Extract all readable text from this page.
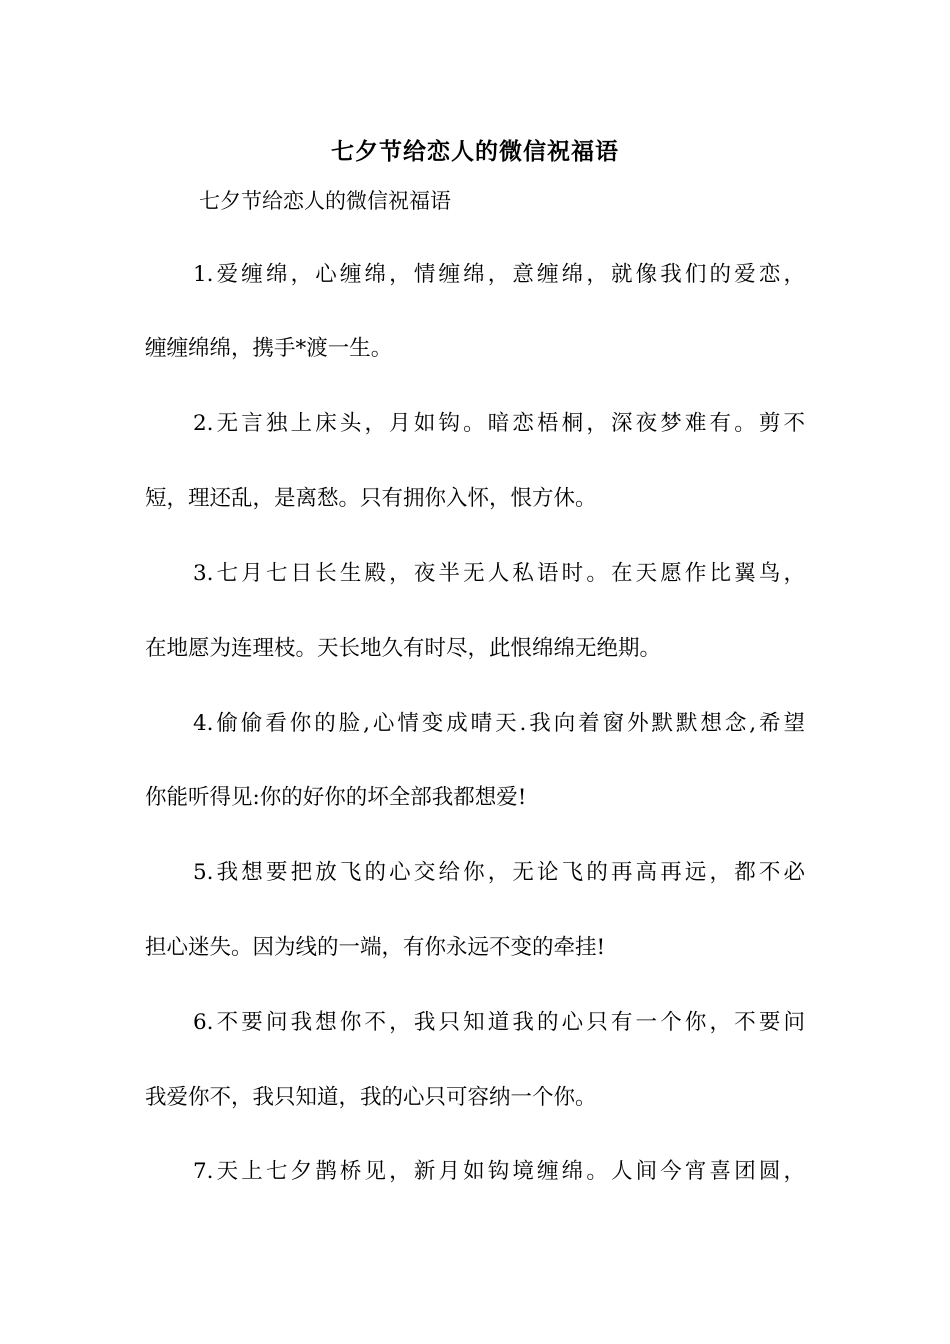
七夕节给恋人的微信祝福语
七夕节给恋人的微信祝福语
1.爱缠绵，心缠绵，情缠绵，意缠绵，就像我们的爱恋，
缠缠绵绵，携手*渡一生。
2.无言独上床头，月如钩。暗恋梧桐，深夜梦难有。剪不
短，理还乱，是离愁。只有拥你入怀，恨方休。
3.七月七日长生殿，夜半无人私语时。在天愿作比翼鸟，
在地愿为连理枝。天长地久有时尽，此恨绵绵无绝期。
4.偷偷看你的脸,心情变成晴天.我向着窗外默默想念,希望
你能听得见:你的好你的坏全部我都想爱!
5.我想要把放飞的心交给你，无论飞的再高再远，都不必
担心迷失。因为线的一端，有你永远不变的牵挂!
6.不要问我想你不，我只知道我的心只有一个你，不要问
我爱你不，我只知道，我的心只可容纳一个你。
7.天上七夕鹊桥见，新月如钩境缠绵。人间今宵喜团圆，
